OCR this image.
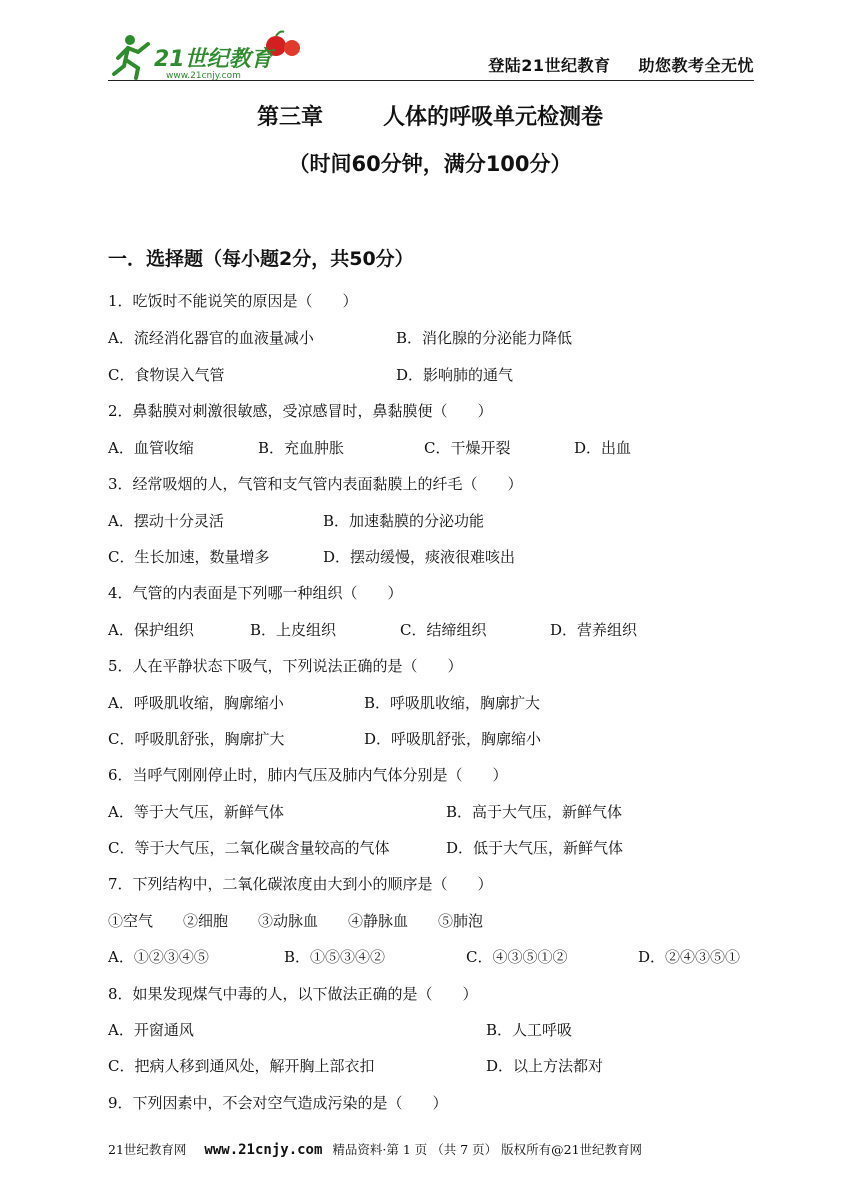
21世纪教育
www.21cnjy.com
登陆21世纪教育 助您教考全无忧
第三章	人体的呼吸单元检测卷
（时间60分钟，满分100分）
一．选择题（每小题2分，共50分）
1．吃饭时不能说笑的原因是（　　）
A．流经消化器官的血液量减小	B．消化腺的分泌能力降低
C．食物误入气管	D．影响肺的通气
2．鼻黏膜对刺激很敏感，受凉感冒时，鼻黏膜便（　　）
A．血管收缩	B．充血肿胀	C．干燥开裂	D．出血
3．经常吸烟的人，气管和支气管内表面黏膜上的纤毛（　　）
A．摆动十分灵活	B．加速黏膜的分泌功能
C．生长加速，数量增多	D．摆动缓慢，痰液很难咳出
4．气管的内表面是下列哪一种组织（　　）
A．保护组织	B．上皮组织	C．结缔组织	D．营养组织
5．人在平静状态下吸气，下列说法正确的是（　　）
A．呼吸肌收缩，胸廓缩小	B．呼吸肌收缩，胸廓扩大
C．呼吸肌舒张，胸廓扩大	D．呼吸肌舒张，胸廓缩小
6．当呼气刚刚停止时，肺内气压及肺内气体分别是（　　）
A．等于大气压，新鲜气体	B．高于大气压，新鲜气体
C．等于大气压，二氧化碳含量较高的气体	D．低于大气压，新鲜气体
7．下列结构中，二氧化碳浓度由大到小的顺序是（　　）
①空气　　②细胞　　③动脉血　　④静脉血　　⑤肺泡
A．①②③④⑤	B．①⑤③④②	C．④③⑤①②	D．②④③⑤①
8．如果发现煤气中毒的人，以下做法正确的是（　　）
A．开窗通风	B．人工呼吸
C．把病人移到通风处，解开胸上部衣扣	D．以上方法都对
9．下列因素中，不会对空气造成污染的是（　　）
21世纪教育网 www.21cnjy.com 精品资料·第 1 页 （共 7 页） 版权所有@21世纪教育网
